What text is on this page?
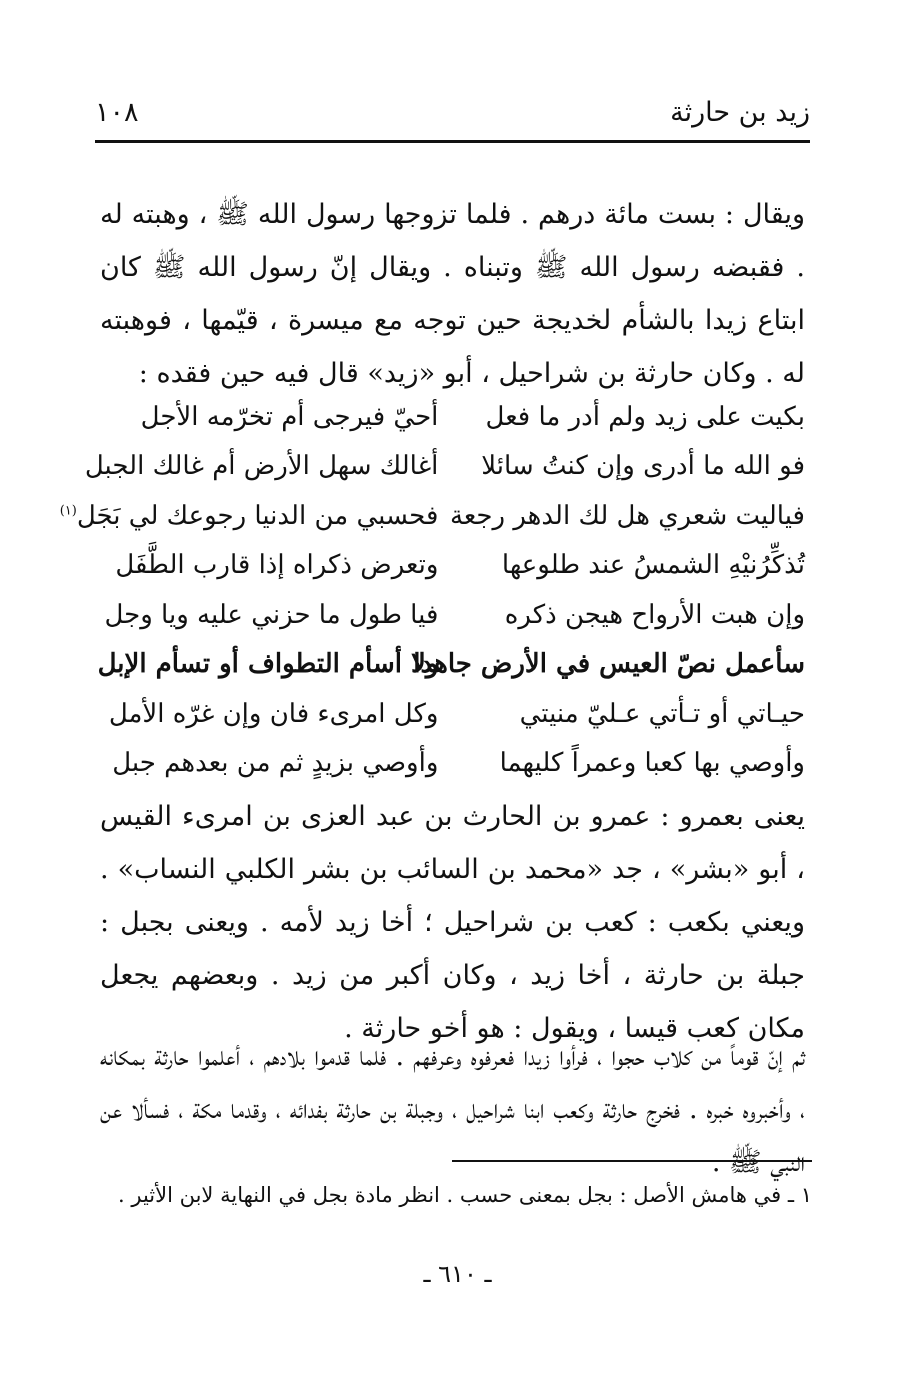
زيد بن حارثة
١٠٨
ويقال : بست مائة درهم . فلما تزوجها رسول الله ﷺ ، وهبته له . فقبضه رسول الله ﷺ وتبناه . ويقال إنّ رسول الله ﷺ كان ابتاع زيدا بالشأم لخديجة حين توجه مع ميسرة ، قيّمها ، فوهبته له . وكان حارثة بن شراحيل ، أبو «زيد» قال فيه حين فقده :
بكيت على زيد ولم أدر ما فعل
أحيّ فيرجى أم تخرّمه الأجل
فو الله ما أدرى وإن كنتُ سائلا
أغالك سهل الأرض أم غالك الجبل
فياليت شعري هل لك الدهر رجعة
فحسبي من الدنيا رجوعك لي بَجَل$^{(١)}$
تُذكِّرُنيْهِ الشمسُ عند طلوعها
وتعرض ذكراه إذا قارب الطَّفَل
وإن هبت الأرواح هيجن ذكره
فيا طول ما حزني عليه ويا وجل
سأعمل نصّ العيس في الأرض جاهدا
ولا أسأم التطواف أو تسأم الإبل
حيـاتي أو تـأتي عـليّ منيتي
وكل امرىء فان وإن غرّه الأمل
وأوصي بها كعبا وعمراً كليهما
وأوصي بزيدٍ ثم من بعدهم جبل
يعنى بعمرو : عمرو بن الحارث بن عبد العزى بن امرىء القيس ، أبو «بشر» ، جد «محمد بن السائب بن بشر الكلبي النساب» . ويعني بكعب : كعب بن شراحيل ؛ أخا زيد لأمه . ويعنى بجبل : جبلة بن حارثة ، أخا زيد ، وكان أكبر من زيد . وبعضهم يجعل مكان كعب قيسا ، ويقول : هو أخو حارثة .
ثم إنّ قوماً من كلاب حجوا ، فرأوا زيدا فعرفوه وعرفهم . فلما قدموا بلادهم ، أعلموا حارثة بمكانه ، وأخبروه خبره . فخرج حارثة وكعب ابنا شراحيل ، وجبلة بن حارثة بفدائه ، وقدما مكة ، فسألا عن النبي ﷺ .
١ ـ في هامش الأصل : بجل بمعنى حسب . انظر مادة بجل في النهاية لابن الأثير .
ـ ٦١٠ ـ
